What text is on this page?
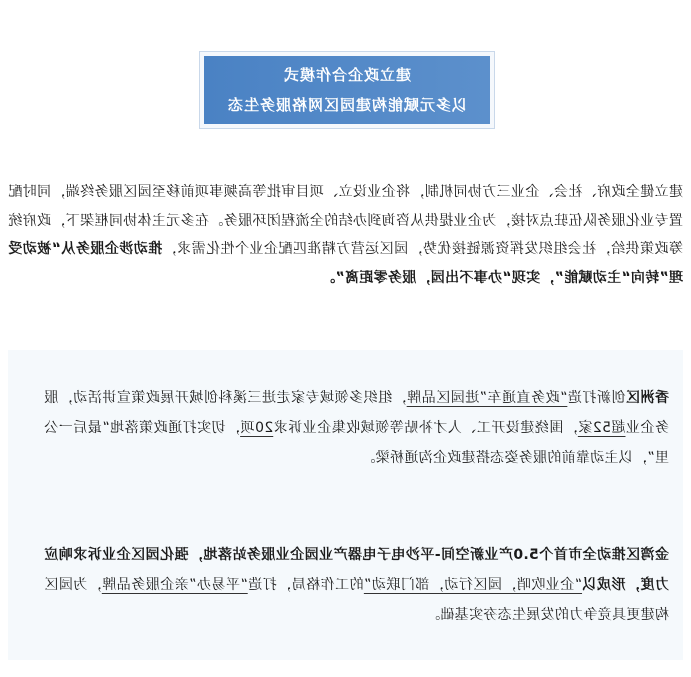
建立政企合作模式
以多元赋能构建园区网格服务生态
建立健全政府、社会、企业三方协同机制，将企业设立、项目审批等高频事项前移至园区服务终端，同时配置专业化服务队伍驻点对接，为企业提供从咨询到办结的全流程闭环服务。在多元主体协同框架下，政府统筹政策供给，社会组织发挥资源链接优势，园区运营方精准匹配企业个性化需求，推动涉企服务从“被动受理”转向“主动赋能”，实现“办事不出园，服务零距离”。
香洲区创新打造“政务直通车”进园区品牌，组织多领域专家走进三溪科创城开展政策宣讲活动，服务企业超52家，围绕建设开工、人才补贴等领域收集企业诉求20项，切实打通政策落地“最后一公里”，以主动靠前的服务姿态搭建政企沟通桥梁。
金湾区推动全市首个5.0产业新空间-平沙电子电器产业园企业服务站落地，强化园区企业诉求响应力度，形成以“企业吹哨，园区行动，部门联动”的工作格局，打造“平易办”亲企服务品牌，为园区构建更具竞争力的发展生态夯实基础。
